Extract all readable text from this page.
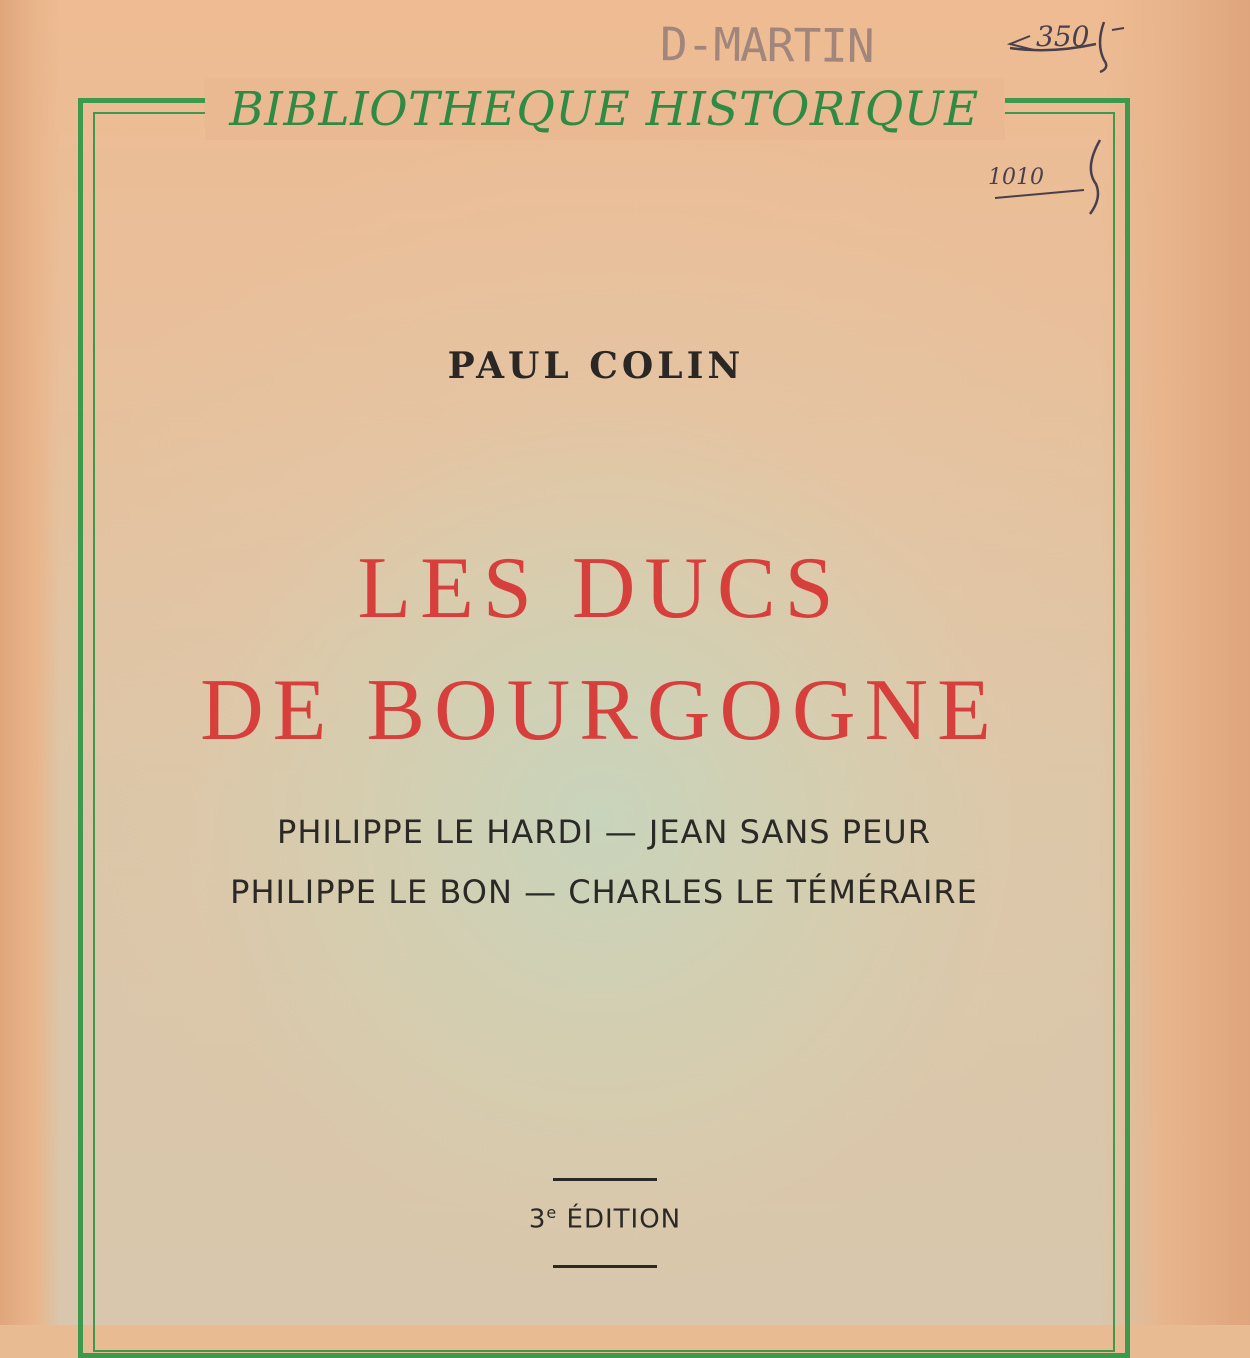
D-MARTIN	350
1010
BIBLIOTHEQUE HISTORIQUE
PAUL COLIN
LES DUCS
DE BOURGOGNE
PHILIPPE LE HARDI — JEAN SANS PEUR
PHILIPPE LE BON — CHARLES LE TÉMÉRAIRE
3e ÉDITION
